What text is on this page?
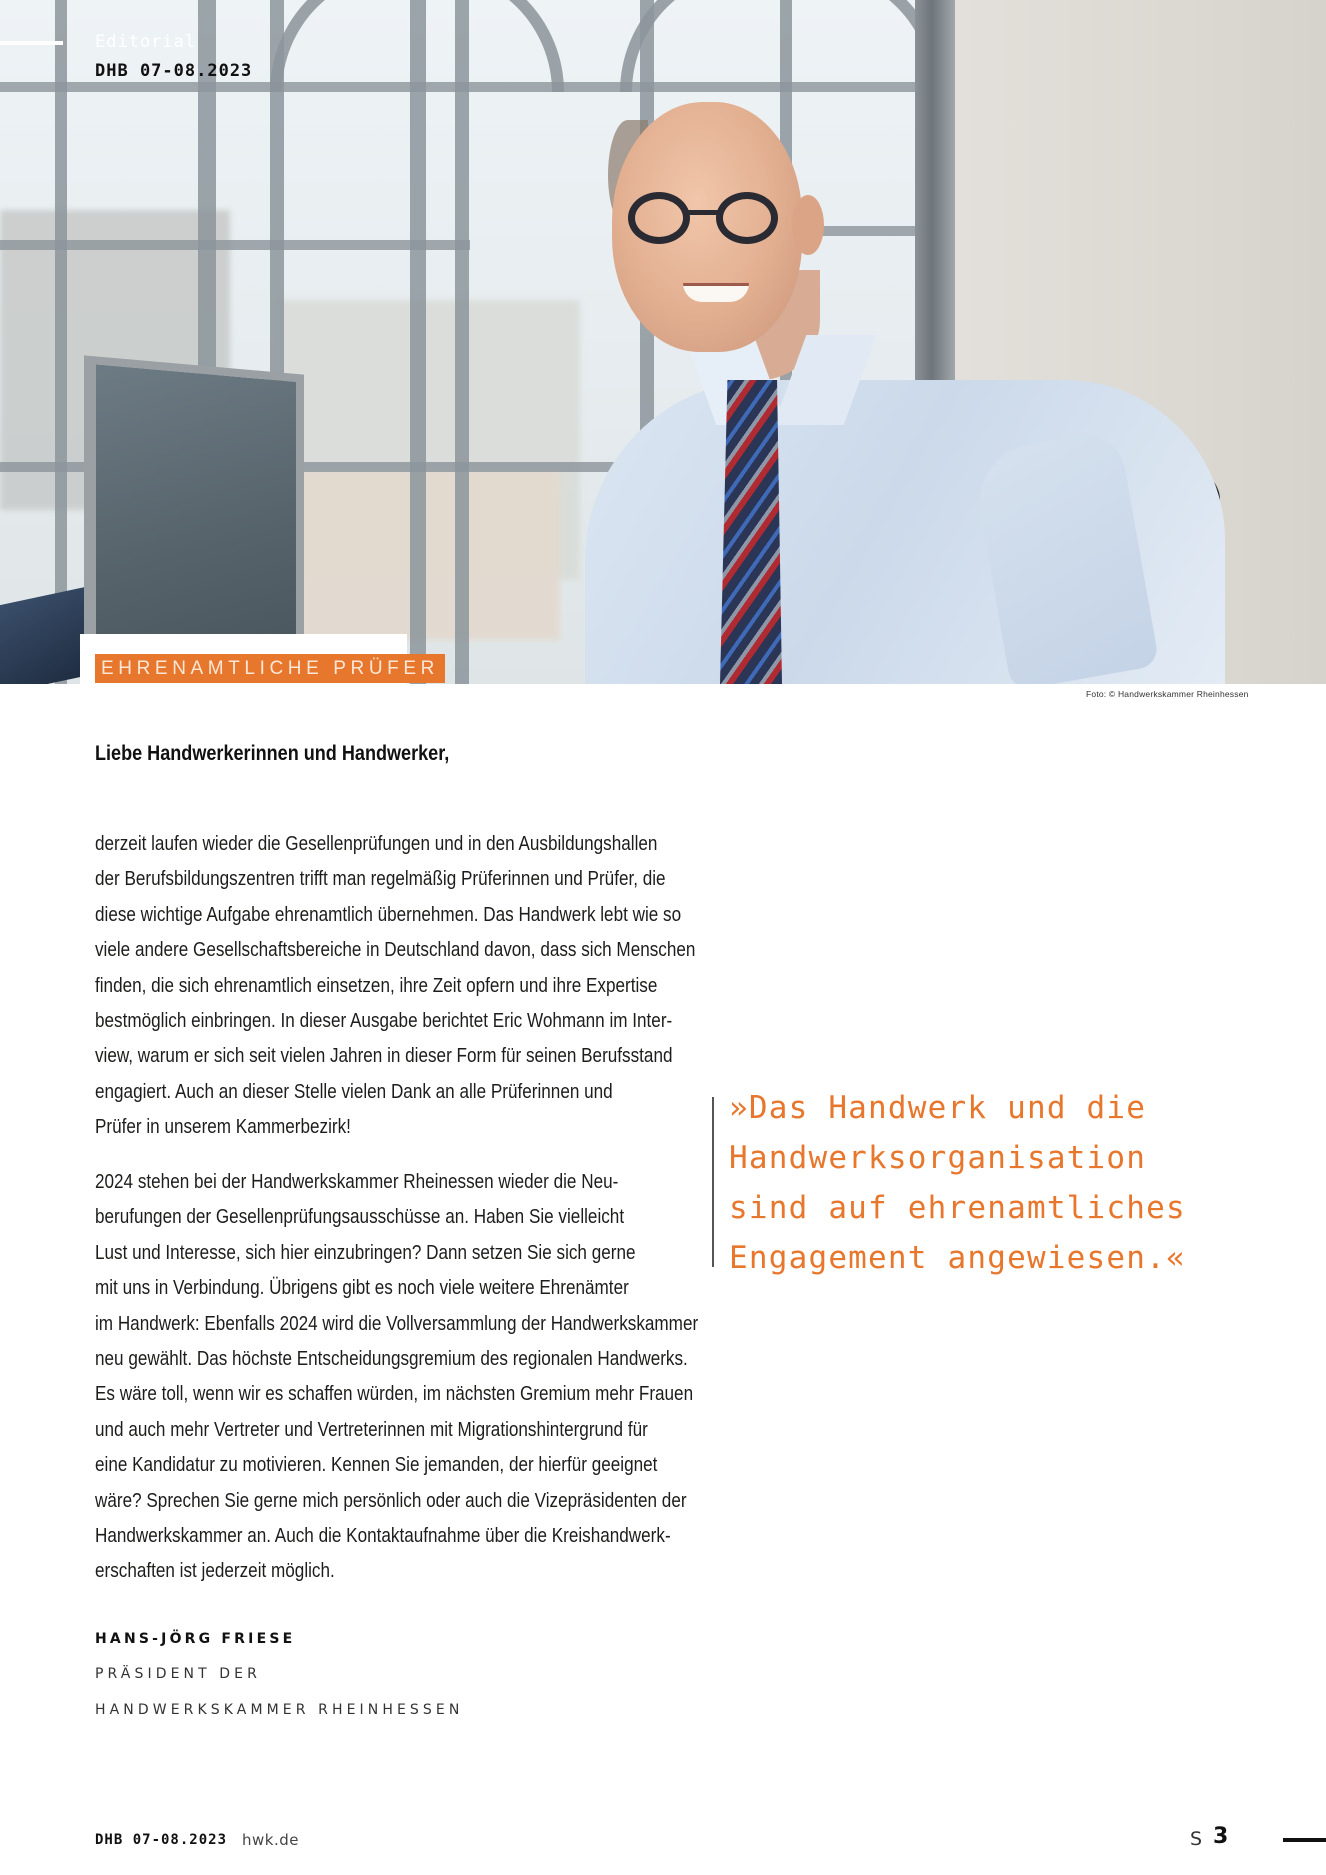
Editorial
DHB 07-08.2023
EHRENAMTLICHE PRÜFER
Foto: © Handwerkskammer Rheinhessen
Liebe Handwerkerinnen und Handwerker,
derzeit laufen wieder die Gesellenprüfungen und in den Ausbildungshallen
der Berufsbildungszentren trifft man regelmäßig Prüferinnen und Prüfer, die
diese wichtige Aufgabe ehrenamtlich übernehmen. Das Handwerk lebt wie so
viele andere Gesellschaftsbereiche in Deutschland davon, dass sich Menschen
finden, die sich ehrenamtlich einsetzen, ihre Zeit opfern und ihre Expertise
bestmöglich einbringen. In dieser Ausgabe berichtet Eric Wohmann im Inter-
view, warum er sich seit vielen Jahren in dieser Form für seinen Berufsstand
engagiert. Auch an dieser Stelle vielen Dank an alle Prüferinnen und
Prüfer in unserem Kammerbezirk!
2024 stehen bei der Handwerkskammer Rheinessen wieder die Neu-
berufungen der Gesellenprüfungsausschüsse an. Haben Sie vielleicht
Lust und Interesse, sich hier einzubringen? Dann setzen Sie sich gerne
mit uns in Verbindung. Übrigens gibt es noch viele weitere Ehrenämter
im Handwerk: Ebenfalls 2024 wird die Vollversammlung der Handwerkskammer
neu gewählt. Das höchste Entscheidungsgremium des regionalen Handwerks.
Es wäre toll, wenn wir es schaffen würden, im nächsten Gremium mehr Frauen
und auch mehr Vertreter und Vertreterinnen mit Migrationshintergrund für
eine Kandidatur zu motivieren. Kennen Sie jemanden, der hierfür geeignet
wäre? Sprechen Sie gerne mich persönlich oder auch die Vizepräsidenten der
Handwerkskammer an. Auch die Kontaktaufnahme über die Kreishandwerk-
erschaften ist jederzeit möglich.
»Das Handwerk und die
Handwerksorganisation
sind auf ehrenamtliches
Engagement angewiesen.«
HANS-JÖRG FRIESE
PRÄSIDENT DER
HANDWERKSKAMMER RHEINHESSEN
DHB 07-08.2023 hwk.de	S 3
